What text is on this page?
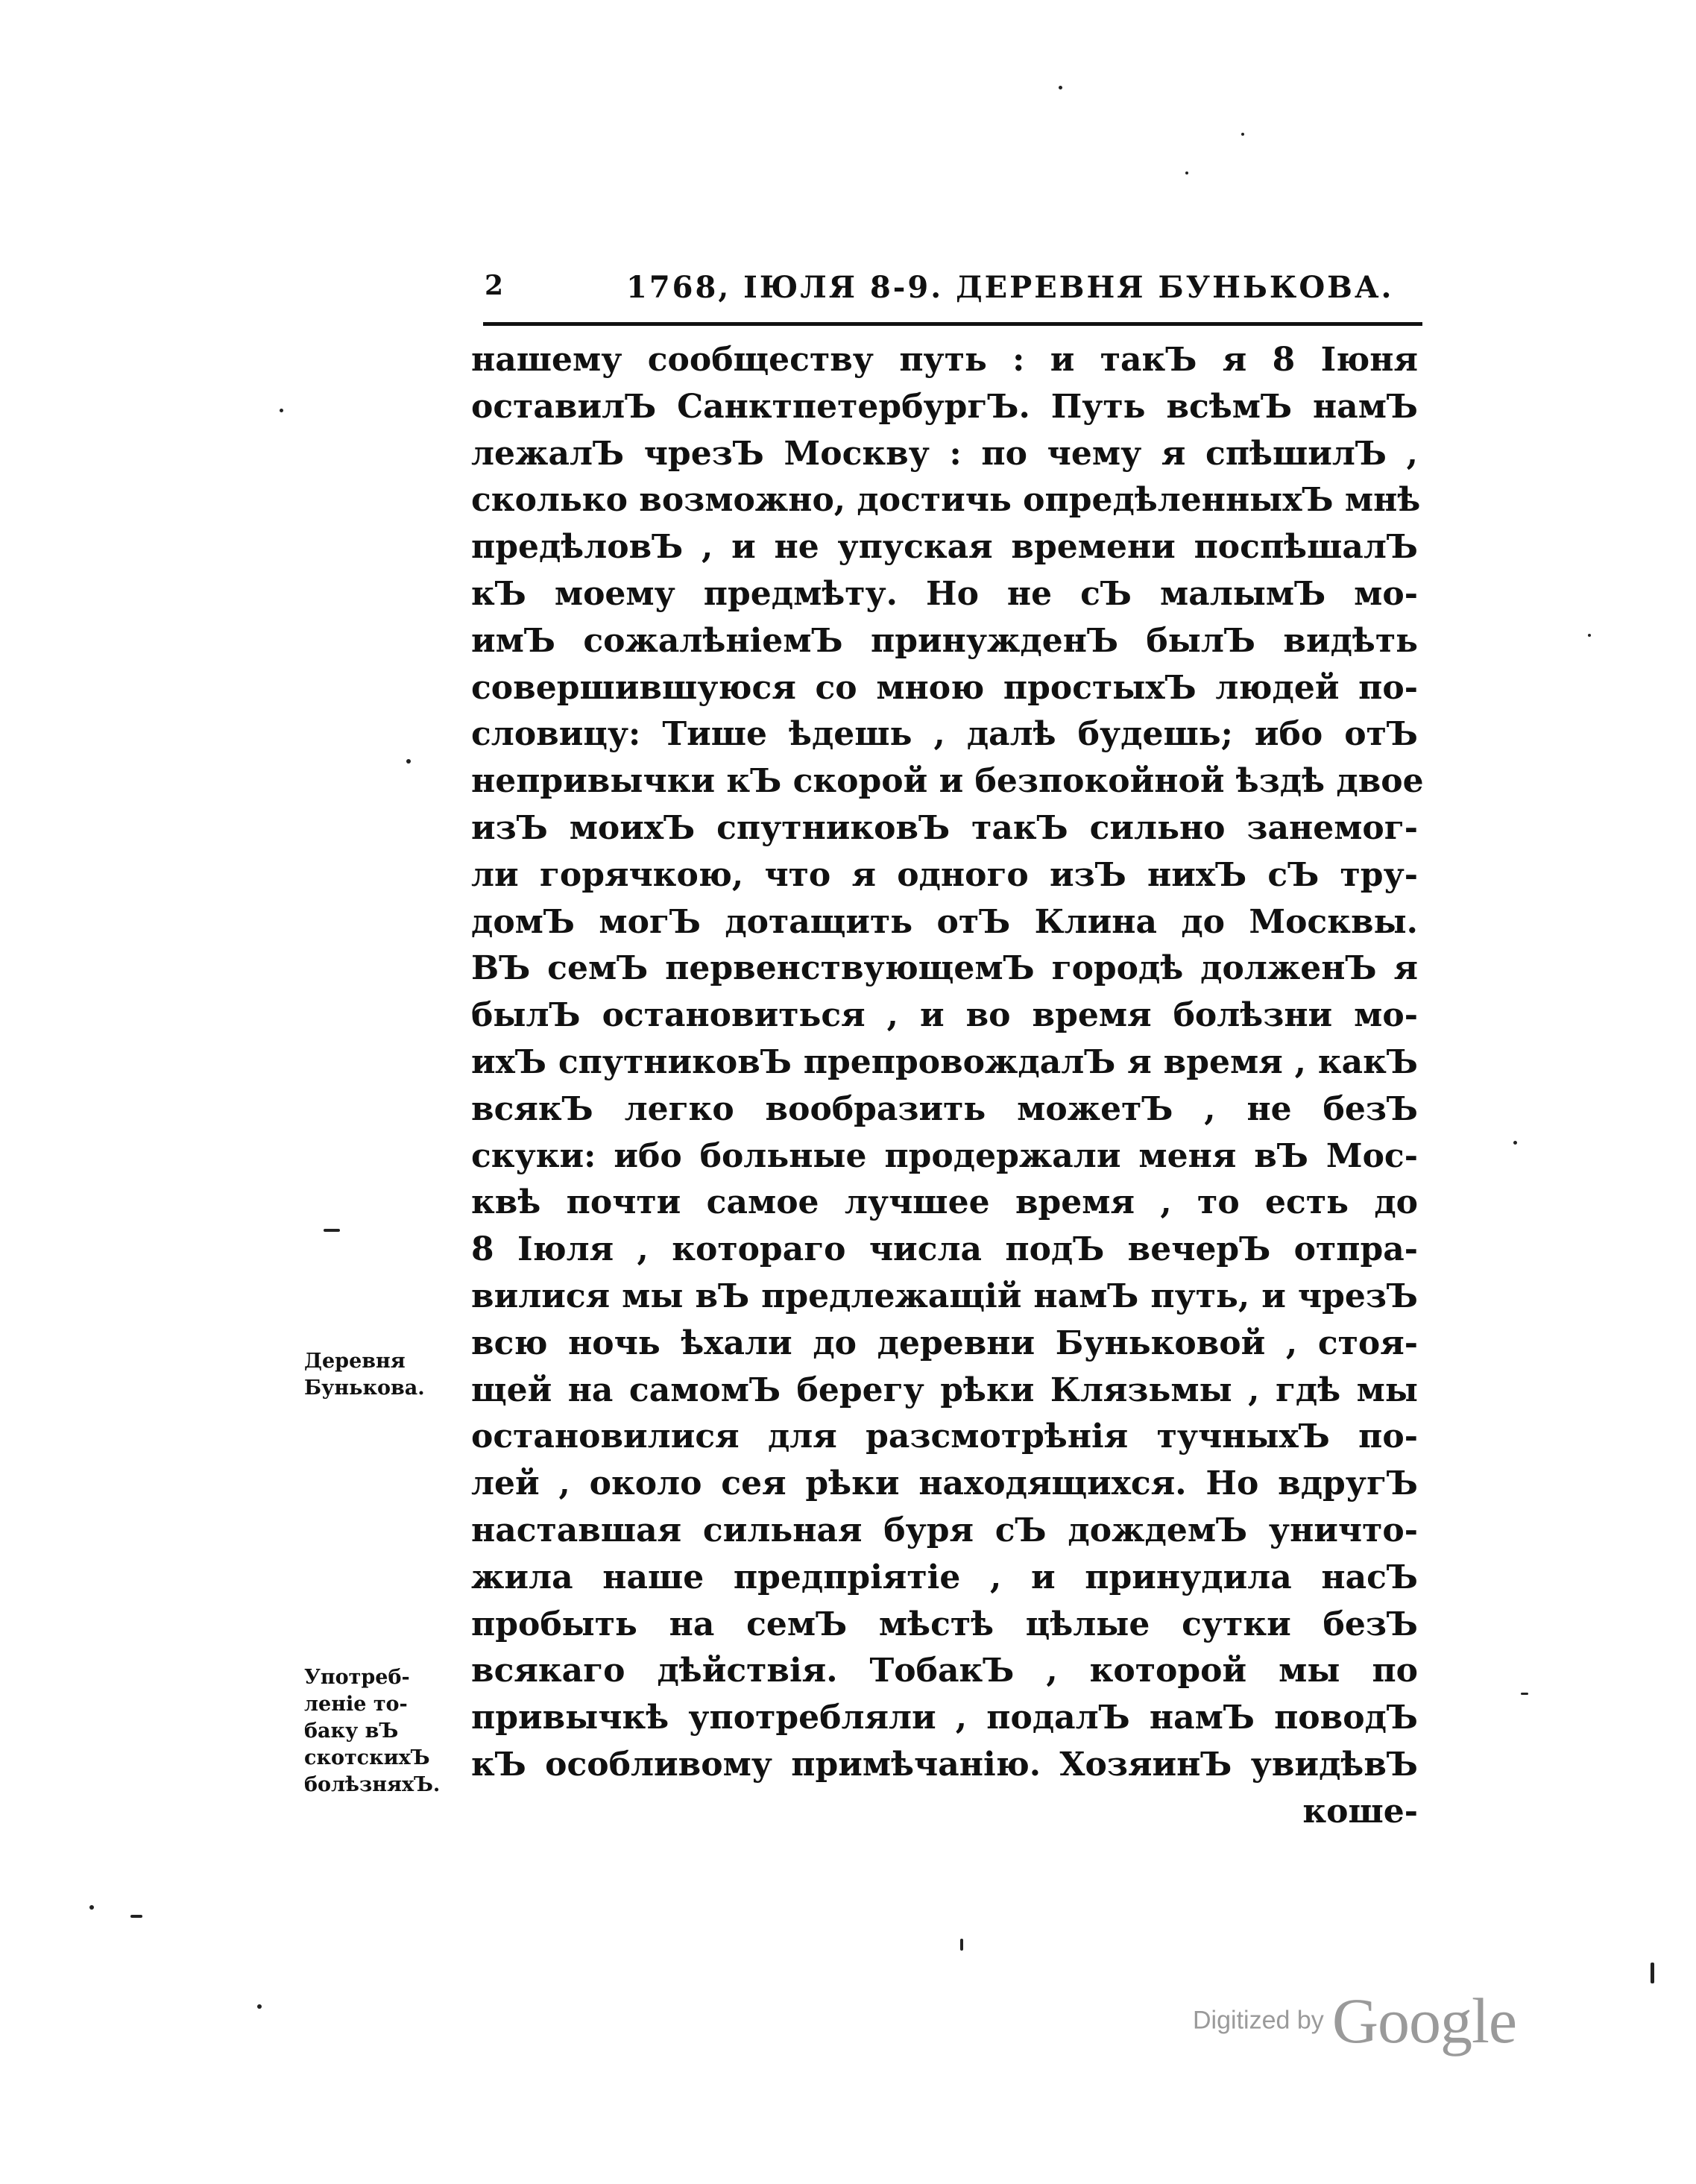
2	1768, ІЮЛЯ 8-9. ДЕРЕВНЯ БУНЬКОВА.
нашему сообществу путь : и такЪ я 8 Іюня
оставилЪ СанктпетербургЪ. Путь всѣмЪ намЪ
лежалЪ чрезЪ Москву : по чему я спѣшилЪ ,
сколько возможно, достичь опредѣленныхЪ мнѣ
предѣловЪ , и не упуская времени поспѣшалЪ
кЪ моему предмѣту. Но не сЪ малымЪ мо-
имЪ сожалѣніемЪ принужденЪ былЪ видѣть
совершившуюся со мною простыхЪ людей по-
словицу: Тише ѣдешь , далѣ будешь; ибо отЪ
непривычки кЪ скорой и безпокойной ѣздѣ двое
изЪ моихЪ спутниковЪ такЪ сильно занемог-
ли горячкою, что я одного изЪ нихЪ сЪ тру-
домЪ могЪ дотащить отЪ Клина до Москвы.
ВЪ семЪ первенствующемЪ городѣ долженЪ я
былЪ остановиться , и во время болѣзни мо-
ихЪ спутниковЪ препровождалЪ я время , какЪ
всякЪ легко вообразить можетЪ , не безЪ
скуки: ибо больные продержали меня вЪ Мос-
квѣ почти самое лучшее время , то есть до
8 Іюля , котораго числа подЪ вечерЪ отпра-
вилися мы вЪ предлежащій намЪ путь, и чрезЪ
всю ночь ѣхали до деревни Буньковой , стоя-
щей на самомЪ берегу рѣки Клязьмы , гдѣ мы
остановилися для разсмотрѣнія тучныхЪ по-
лей , около сея рѣки находящихся. Но вдругЪ
наставшая сильная буря сЪ дождемЪ уничто-
жила наше предпріятіе , и принудила насЪ
пробыть на семЪ мѣстѣ цѣлые сутки безЪ
всякаго дѣйствія. ТобакЪ , которой мы по
привычкѣ употребляли , подалЪ намЪ поводЪ
кЪ особливому примѣчанію. ХозяинЪ увидѣвЪ
коше-
Деревня
Бунькова.
Употреб-
леніе то-
баку вЪ
скотскихЪ
болѣзняхЪ.
Digitized by Google
